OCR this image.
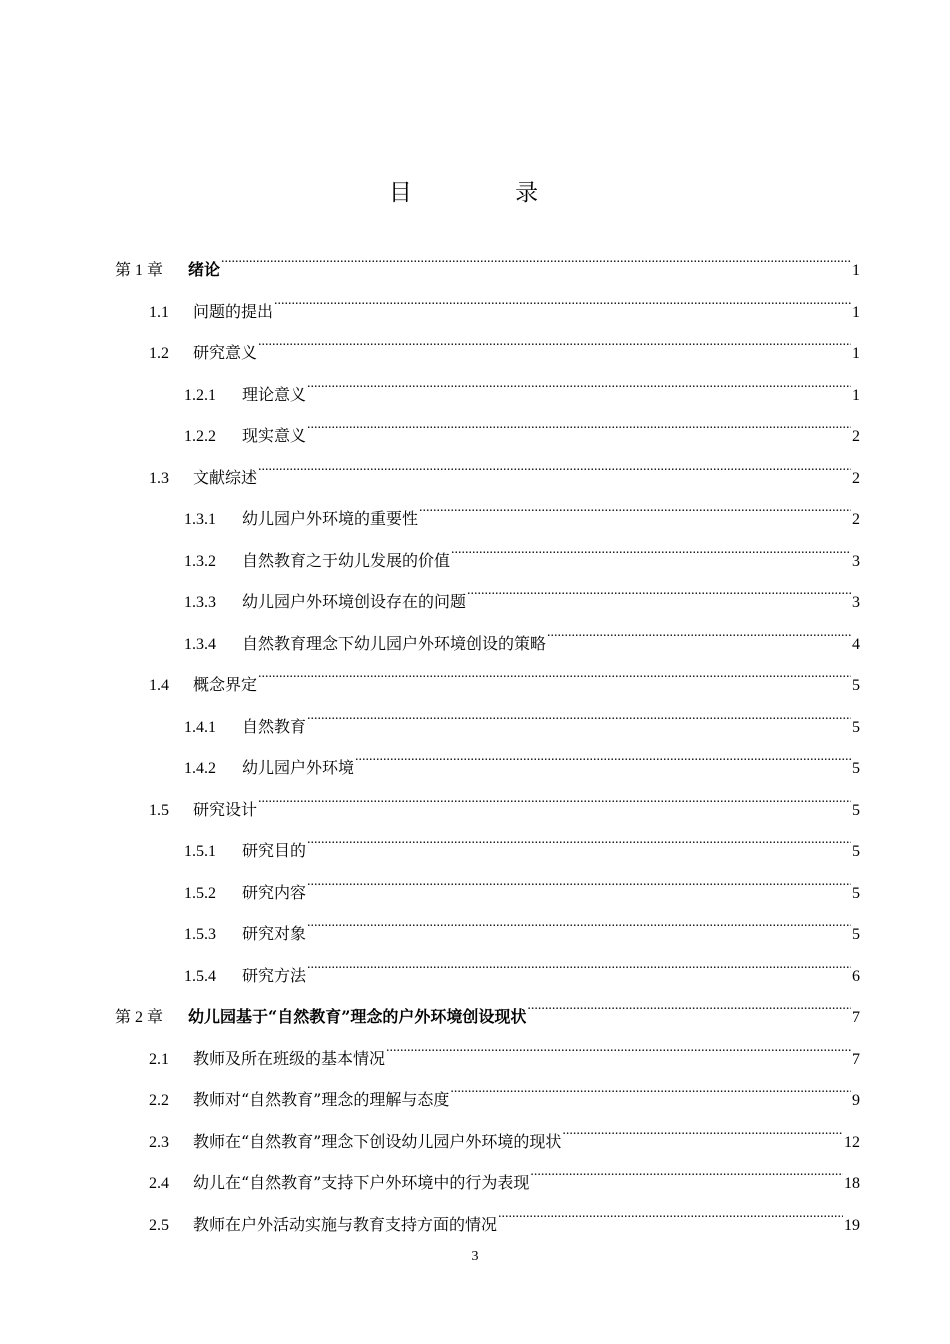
目 录
第 1 章	绪论 .....	1
1.1	问题的提出 .....	1
1.2	研究意义 .....	1
1.2.1	理论意义 .....	1
1.2.2	现实意义 .....	2
1.3	文献综述 .....	2
1.3.1	幼儿园户外环境的重要性 .....	2
1.3.2	自然教育之于幼儿发展的价值 .....	3
1.3.3	幼儿园户外环境创设存在的问题 .....	3
1.3.4	自然教育理念下幼儿园户外环境创设的策略 .....	4
1.4	概念界定 .....	5
1.4.1	自然教育 .....	5
1.4.2	幼儿园户外环境 .....	5
1.5	研究设计 .....	5
1.5.1	研究目的 .....	5
1.5.2	研究内容 .....	5
1.5.3	研究对象 .....	5
1.5.4	研究方法 .....	6
第 2 章	幼儿园基于“自然教育”理念的户外环境创设现状 .....	7
2.1	教师及所在班级的基本情况 .....	7
2.2	教师对“自然教育”理念的理解与态度 .....	9
2.3	教师在“自然教育”理念下创设幼儿园户外环境的现状 .....	12
2.4	幼儿在“自然教育”支持下户外环境中的行为表现 .....	18
2.5	教师在户外活动实施与教育支持方面的情况 .....	19
3
